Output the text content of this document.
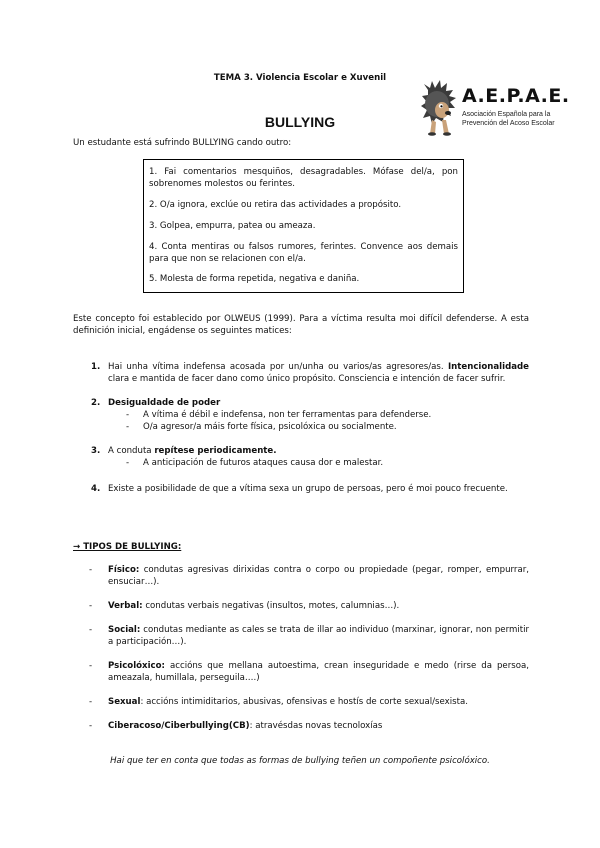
TEMA 3. Violencia Escolar e Xuvenil
A.E.P.A.E.
Asociación Española para la
Prevención del Acoso Escolar
BULLYING
Un estudante está sufrindo BULLYING cando outro:

1. Fai comentarios mesquiños, desagradables. Mófase del/a, pon sobrenomes molestos ou ferintes.

2. O/a ignora, exclúe ou retira das actividades a propósito.

3. Golpea, empurra, patea ou ameaza.

4. Conta mentiras ou falsos rumores, ferintes. Convence aos demais para que non se relacionen con el/a.

5. Molesta de forma repetida, negativa e daniña.

Este concepto foi establecido por OLWEUS (1999). Para a víctima resulta moi difícil defenderse. A esta definición inicial, engádense os seguintes matices:
1. Hai unha vítima indefensa acosada por un/unha ou varios/as agresores/as. Intencionalidade clara e mantida de facer dano como único propósito. Consciencia e intención de facer sufrir.
2. Desigualdade de poder
- A vítima é débil e indefensa, non ter ferramentas para defenderse.
- O/a agresor/a máis forte física, psicolóxica ou socialmente.
3. A conduta repítese periodicamente.
- A anticipación de futuros ataques causa dor e malestar.
4. Existe a posibilidade de que a vítima sexa un grupo de persoas, pero é moi pouco frecuente.
→ TIPOS DE BULLYING:
- Físico: condutas agresivas dirixidas contra o corpo ou propiedade (pegar, romper, empurrar, ensuciar…).
- Verbal: condutas verbais negativas (insultos, motes, calumnias…).
- Social: condutas mediante as cales se trata de illar ao individuo (marxinar, ignorar, non permitir a participación…).
- Psicolóxico: accións que mellana autoestima, crean inseguridade e medo (rirse da persoa, ameazala, humillala, perseguila….)
- Sexual: accións intimiditarios, abusivas, ofensivas e hostís de corte sexual/sexista.
- Ciberacoso/Ciberbullying(CB): atravésdas novas tecnoloxías
Hai que ter en conta que todas as formas de bullying teñen un compoñente psicolóxico.
